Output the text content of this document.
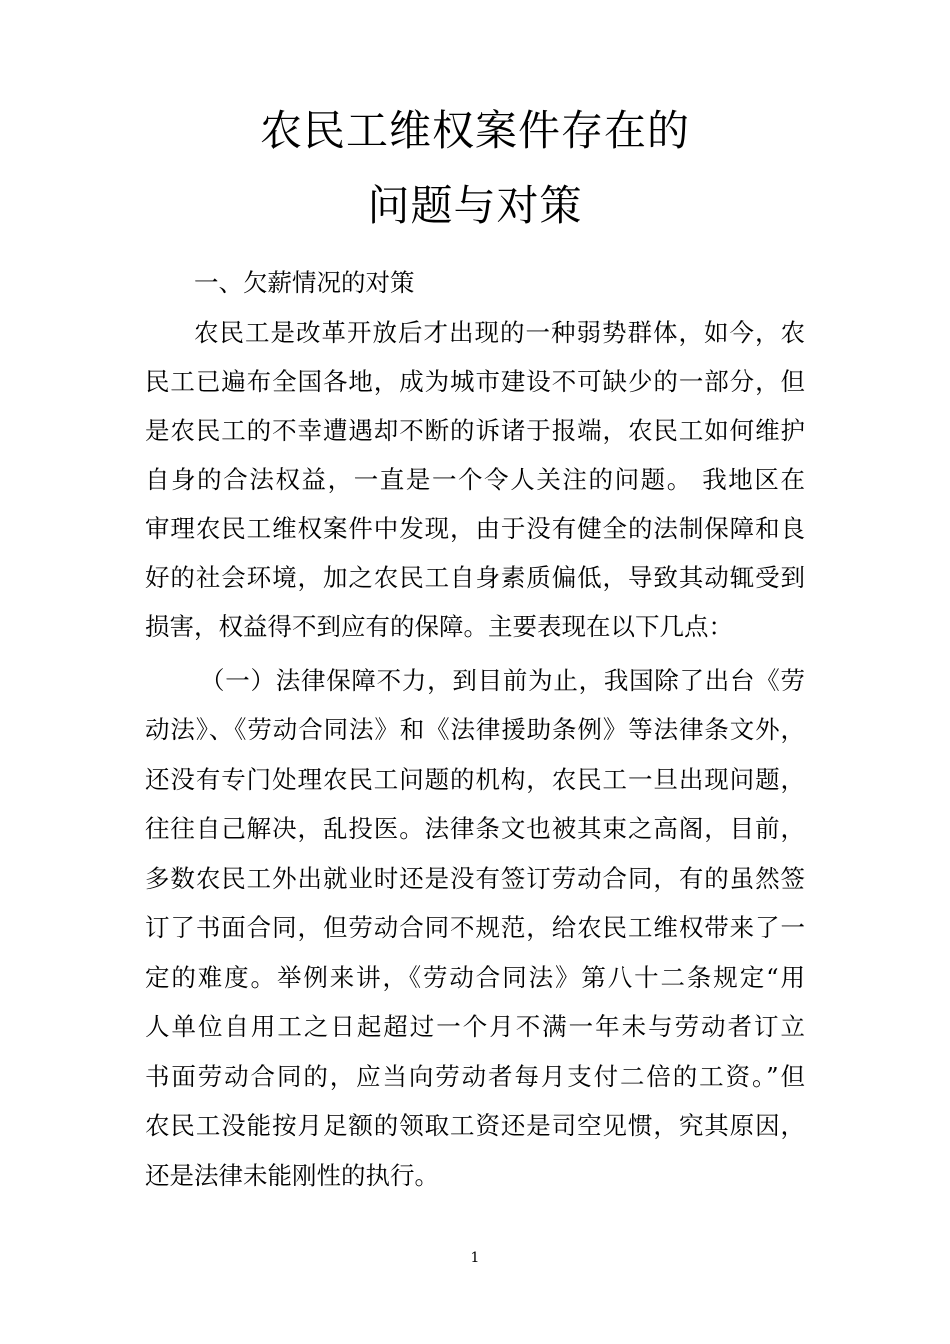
农民工维权案件存在的
问题与对策
一、欠薪情况的对策
农民工是改革开放后才出现的一种弱势群体，如今，农
民工已遍布全国各地，成为城市建设不可缺少的一部分，但
是农民工的不幸遭遇却不断的诉诸于报端，农民工如何维护
自身的合法权益，一直是一个令人关注的问题。 我地区在
审理农民工维权案件中发现，由于没有健全的法制保障和良
好的社会环境，加之农民工自身素质偏低，导致其动辄受到
损害，权益得不到应有的保障。主要表现在以下几点：
（一）法律保障不力，到目前为止，我国除了出台《劳
动法》、《劳动合同法》和《法律援助条例》等法律条文外，
还没有专门处理农民工问题的机构，农民工一旦出现问题，
往往自己解决，乱投医。法律条文也被其束之高阁，目前，
多数农民工外出就业时还是没有签订劳动合同，有的虽然签
订了书面合同，但劳动合同不规范，给农民工维权带来了一
定的难度。举例来讲，《劳动合同法》第八十二条规定“用
人单位自用工之日起超过一个月不满一年未与劳动者订立
书面劳动合同的，应当向劳动者每月支付二倍的工资。”但
农民工没能按月足额的领取工资还是司空见惯，究其原因，
还是法律未能刚性的执行。
1
